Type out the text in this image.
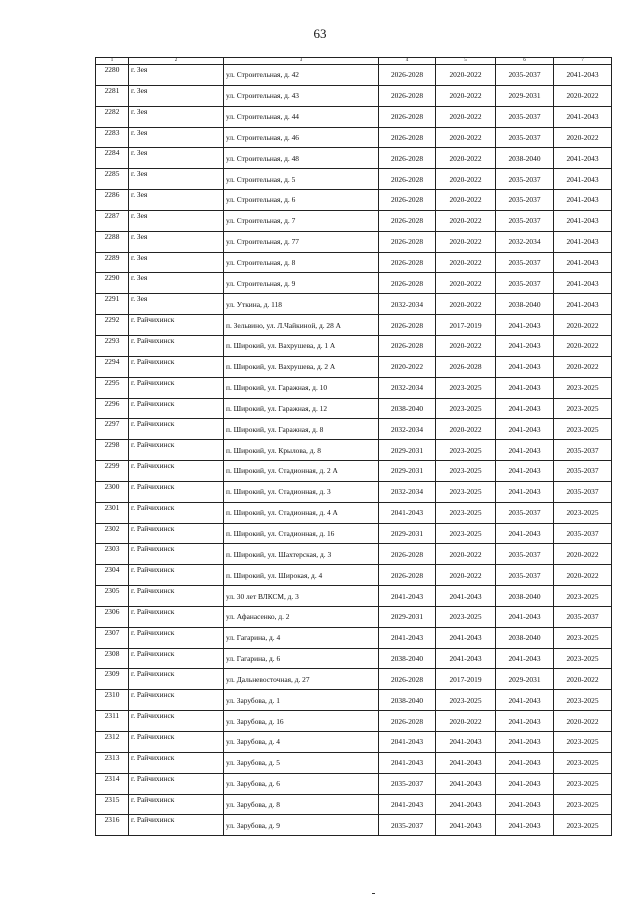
63
1	2	3	4	5	6	7
2280	г. Зея	ул. Строительная, д. 42	2026-2028	2020-2022	2035-2037	2041-2043
2281	г. Зея	ул. Строительная, д. 43	2026-2028	2020-2022	2029-2031	2020-2022
2282	г. Зея	ул. Строительная, д. 44	2026-2028	2020-2022	2035-2037	2041-2043
2283	г. Зея	ул. Строительная, д. 46	2026-2028	2020-2022	2035-2037	2020-2022
2284	г. Зея	ул. Строительная, д. 48	2026-2028	2020-2022	2038-2040	2041-2043
2285	г. Зея	ул. Строительная, д. 5	2026-2028	2020-2022	2035-2037	2041-2043
2286	г. Зея	ул. Строительная, д. 6	2026-2028	2020-2022	2035-2037	2041-2043
2287	г. Зея	ул. Строительная, д. 7	2026-2028	2020-2022	2035-2037	2041-2043
2288	г. Зея	ул. Строительная, д. 77	2026-2028	2020-2022	2032-2034	2041-2043
2289	г. Зея	ул. Строительная, д. 8	2026-2028	2020-2022	2035-2037	2041-2043
2290	г. Зея	ул. Строительная, д. 9	2026-2028	2020-2022	2035-2037	2041-2043
2291	г. Зея	ул. Уткина, д. 118	2032-2034	2020-2022	2038-2040	2041-2043
2292	г. Райчихинск	п. Зельвино, ул. Л.Чайкиной, д. 28 А	2026-2028	2017-2019	2041-2043	2020-2022
2293	г. Райчихинск	п. Широкий, ул. Вахрушева, д. 1 А	2026-2028	2020-2022	2041-2043	2020-2022
2294	г. Райчихинск	п. Широкий, ул. Вахрушева, д. 2 А	2020-2022	2026-2028	2041-2043	2020-2022
2295	г. Райчихинск	п. Широкий, ул. Гаражная, д. 10	2032-2034	2023-2025	2041-2043	2023-2025
2296	г. Райчихинск	п. Широкий, ул. Гаражная, д. 12	2038-2040	2023-2025	2041-2043	2023-2025
2297	г. Райчихинск	п. Широкий, ул. Гаражная, д. 8	2032-2034	2020-2022	2041-2043	2023-2025
2298	г. Райчихинск	п. Широкий, ул. Крылова, д. 8	2029-2031	2023-2025	2041-2043	2035-2037
2299	г. Райчихинск	п. Широкий, ул. Стадионная, д. 2 А	2029-2031	2023-2025	2041-2043	2035-2037
2300	г. Райчихинск	п. Широкий, ул. Стадионная, д. 3	2032-2034	2023-2025	2041-2043	2035-2037
2301	г. Райчихинск	п. Широкий, ул. Стадионная, д. 4 А	2041-2043	2023-2025	2035-2037	2023-2025
2302	г. Райчихинск	п. Широкий, ул. Стадионная, д. 16	2029-2031	2023-2025	2041-2043	2035-2037
2303	г. Райчихинск	п. Широкий, ул. Шахтерская, д. 3	2026-2028	2020-2022	2035-2037	2020-2022
2304	г. Райчихинск	п. Широкий, ул. Широкая, д. 4	2026-2028	2020-2022	2035-2037	2020-2022
2305	г. Райчихинск	ул. 30 лет ВЛКСМ, д. 3	2041-2043	2041-2043	2038-2040	2023-2025
2306	г. Райчихинск	ул. Афанасенко, д. 2	2029-2031	2023-2025	2041-2043	2035-2037
2307	г. Райчихинск	ул. Гагарина, д. 4	2041-2043	2041-2043	2038-2040	2023-2025
2308	г. Райчихинск	ул. Гагарина, д. 6	2038-2040	2041-2043	2041-2043	2023-2025
2309	г. Райчихинск	ул. Дальневосточная, д. 27	2026-2028	2017-2019	2029-2031	2020-2022
2310	г. Райчихинск	ул. Зарубова, д. 1	2038-2040	2023-2025	2041-2043	2023-2025
2311	г. Райчихинск	ул. Зарубова, д. 16	2026-2028	2020-2022	2041-2043	2020-2022
2312	г. Райчихинск	ул. Зарубова, д. 4	2041-2043	2041-2043	2041-2043	2023-2025
2313	г. Райчихинск	ул. Зарубова, д. 5	2041-2043	2041-2043	2041-2043	2023-2025
2314	г. Райчихинск	ул. Зарубова, д. 6	2035-2037	2041-2043	2041-2043	2023-2025
2315	г. Райчихинск	ул. Зарубова, д. 8	2041-2043	2041-2043	2041-2043	2023-2025
2316	г. Райчихинск	ул. Зарубова, д. 9	2035-2037	2041-2043	2041-2043	2023-2025
